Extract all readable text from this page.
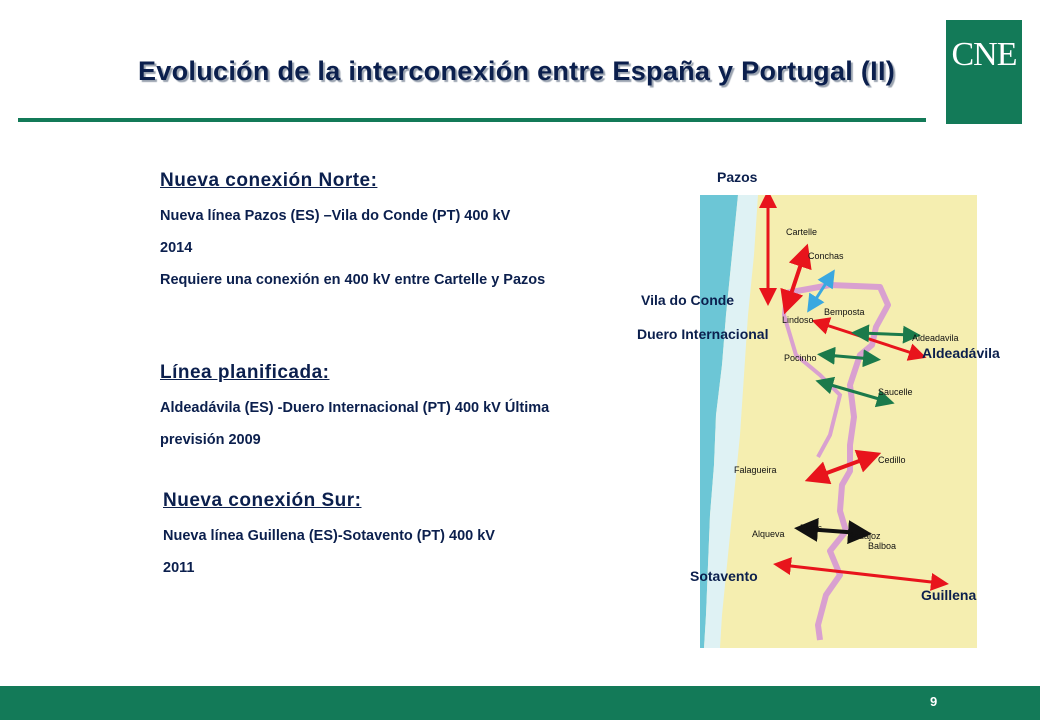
Evolución de la interconexión entre España y Portugal (II) CNE
Nueva conexión Norte:
Nueva línea Pazos (ES) –Vila do Conde (PT) 400 kV
2014
Requiere una conexión en 400 kV entre Cartelle y Pazos
Línea planificada:
Aldeadávila (ES) -Duero Internacional (PT) 400 kV Última
previsión 2009
Nueva conexión Sur:
Nueva línea Guillena (ES)-Sotavento (PT) 400 kV
2011
Cartelle
Conchas
Lindoso
Bemposta
Aldeadavila
Pocinho
Saucelle
Falagueira
Cedillo
Elvas
Alqueva	Badajoz
Balboa
Pazos
Vila do Conde
Duero Internacional
Aldeadávila
Sotavento
Guillena
9
